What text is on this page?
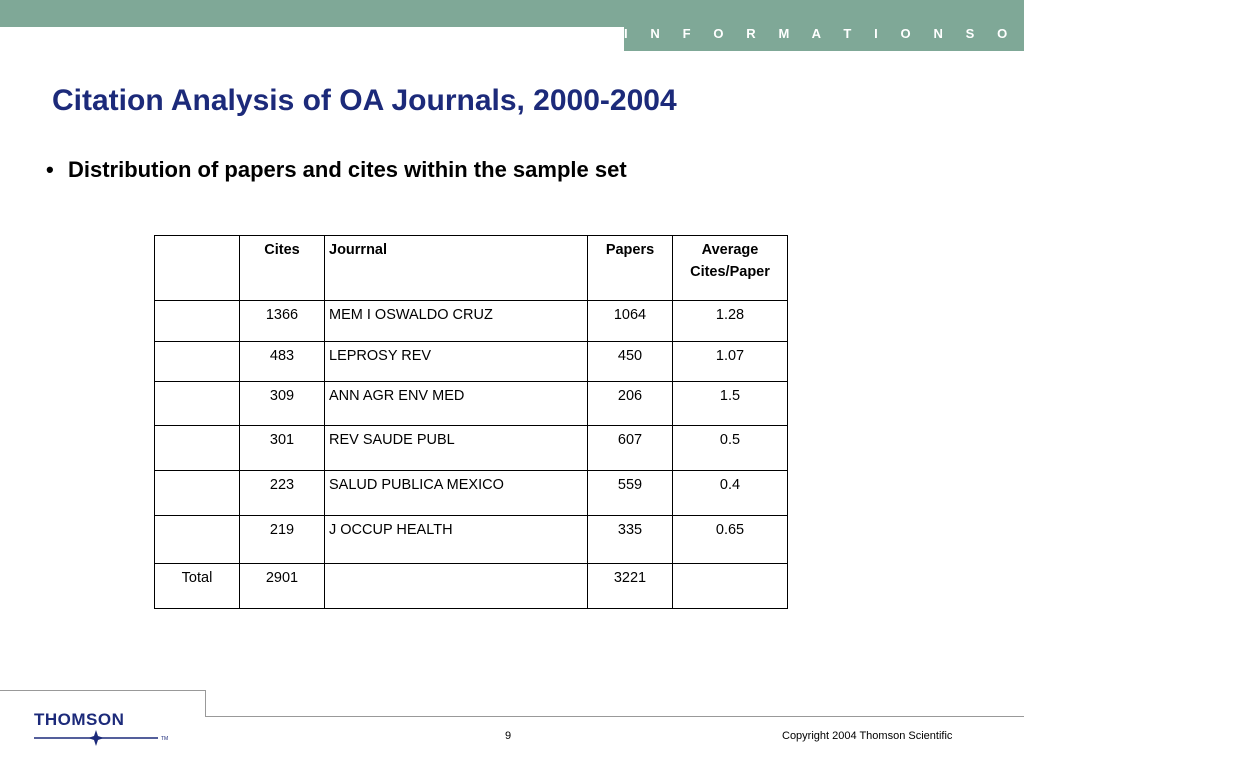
I N F O R M A T I O N S O L U T I O N S
Citation Analysis of OA Journals, 2000-2004
• Distribution of papers and cites within the sample set
	Cites	Jourrnal	Papers	Average
Cites/Paper
	1366	MEM I OSWALDO CRUZ	1064	1.28
	483	LEPROSY REV	450	1.07
	309	ANN AGR ENV MED	206	1.5
	301	REV SAUDE PUBL	607	0.5
	223	SALUD PUBLICA MEXICO	559	0.4
	219	J OCCUP HEALTH	335	0.65
Total	2901		3221	
THOMSON
TM	9	Copyright 2004 Thomson Scientific
